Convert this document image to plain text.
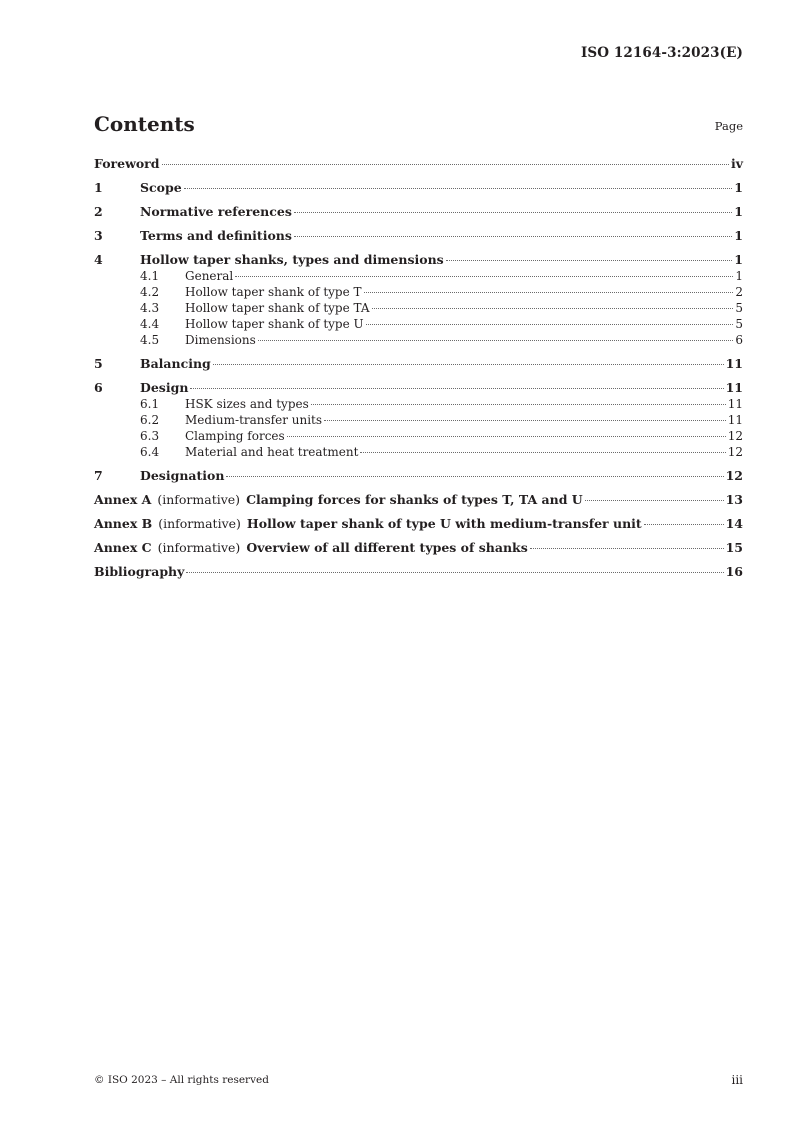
ISO 12164-3:2023(E)
Contents	Page
Foreword	iv
1	Scope	1
2	Normative references	1
3	Terms and definitions	1
4	Hollow taper shanks, types and dimensions	1
4.1	General	1
4.2	Hollow taper shank of type T	2
4.3	Hollow taper shank of type TA	5
4.4	Hollow taper shank of type U	5
4.5	Dimensions	6
5	Balancing	11
6	Design	11
6.1	HSK sizes and types	11
6.2	Medium-transfer units	11
6.3	Clamping forces	12
6.4	Material and heat treatment	12
7	Designation	12
Annex A (informative) Clamping forces for shanks of types T, TA and U	13
Annex B (informative) Hollow taper shank of type U with medium-transfer unit	14
Annex C (informative) Overview of all different types of shanks	15
Bibliography	16
© ISO 2023 – All rights reserved	iii
